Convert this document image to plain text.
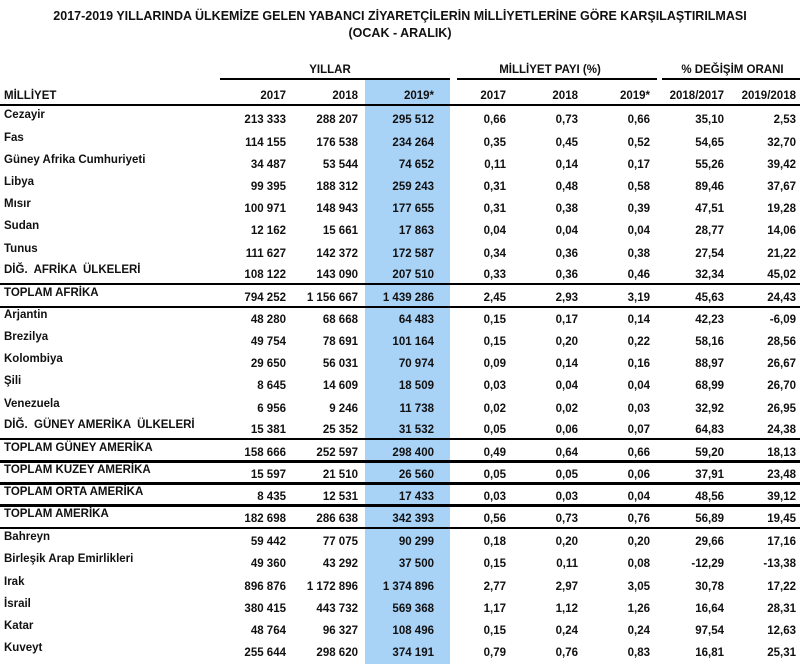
2017-2019 YILLARINDA ÜLKEMİZE GELEN YABANCI ZİYARETÇİLERİN MİLLİYETLERİNE GÖRE KARŞILAŞTIRILMASI
(OCAK - ARALIK)
YILLAR	MİLLİYET PAYI (%)	% DEĞİŞİM ORANI
MİLLİYET	2017	2018	2019*	2017	2018	2019*	2018/2017	2019/2018
Cezayir	213 333	288 207	295 512	0,66	0,73	0,66	35,10	2,53
Fas	114 155	176 538	234 264	0,35	0,45	0,52	54,65	32,70
Güney Afrika Cumhuriyeti	34 487	53 544	74 652	0,11	0,14	0,17	55,26	39,42
Libya	99 395	188 312	259 243	0,31	0,48	0,58	89,46	37,67
Mısır	100 971	148 943	177 655	0,31	0,38	0,39	47,51	19,28
Sudan	12 162	15 661	17 863	0,04	0,04	0,04	28,77	14,06
Tunus	111 627	142 372	172 587	0,34	0,36	0,38	27,54	21,22
DİĞ.  AFRİKA  ÜLKELERİ	108 122	143 090	207 510	0,33	0,36	0,46	32,34	45,02
TOPLAM AFRİKA	794 252	1 156 667	1 439 286	2,45	2,93	3,19	45,63	24,43
Arjantin	48 280	68 668	64 483	0,15	0,17	0,14	42,23	-6,09
Brezilya	49 754	78 691	101 164	0,15	0,20	0,22	58,16	28,56
Kolombiya	29 650	56 031	70 974	0,09	0,14	0,16	88,97	26,67
Şili	8 645	14 609	18 509	0,03	0,04	0,04	68,99	26,70
Venezuela	6 956	9 246	11 738	0,02	0,02	0,03	32,92	26,95
DİĞ.  GÜNEY AMERİKA  ÜLKELERİ	15 381	25 352	31 532	0,05	0,06	0,07	64,83	24,38
TOPLAM GÜNEY AMERİKA	158 666	252 597	298 400	0,49	0,64	0,66	59,20	18,13
TOPLAM KUZEY AMERİKA	15 597	21 510	26 560	0,05	0,05	0,06	37,91	23,48
TOPLAM ORTA AMERİKA	8 435	12 531	17 433	0,03	0,03	0,04	48,56	39,12
TOPLAM AMERİKA	182 698	286 638	342 393	0,56	0,73	0,76	56,89	19,45
Bahreyn	59 442	77 075	90 299	0,18	0,20	0,20	29,66	17,16
Birleşik Arap Emirlikleri	49 360	43 292	37 500	0,15	0,11	0,08	-12,29	-13,38
Irak	896 876	1 172 896	1 374 896	2,77	2,97	3,05	30,78	17,22
İsrail	380 415	443 732	569 368	1,17	1,12	1,26	16,64	28,31
Katar	48 764	96 327	108 496	0,15	0,24	0,24	97,54	12,63
Kuveyt	255 644	298 620	374 191	0,79	0,76	0,83	16,81	25,31
